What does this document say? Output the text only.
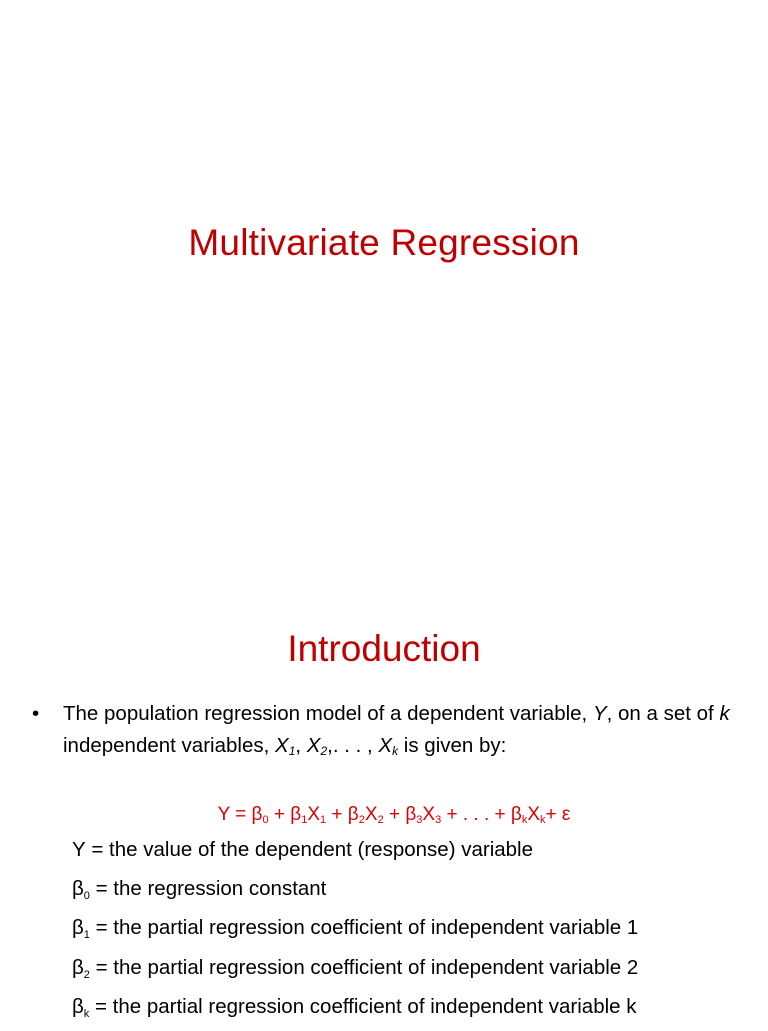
Multivariate Regression
Introduction
• The population regression model of a dependent variable, Y, on a set of k independent variables, $X_1$, $X_2$,. . . , $X_k$ is given by:
$Y = \beta_0 + \beta_1X_1 + \beta_2X_2 + \beta_3X_3$ + . . . + $\beta_kX_k+ \varepsilon$
Y = the value of the dependent (response) variable
$\beta_0$ = the regression constant
$\beta_1$ = the partial regression coefficient of independent variable 1
$\beta_2$ = the partial regression coefficient of independent variable 2
$\beta_k$ = the partial regression coefficient of independent variable k
